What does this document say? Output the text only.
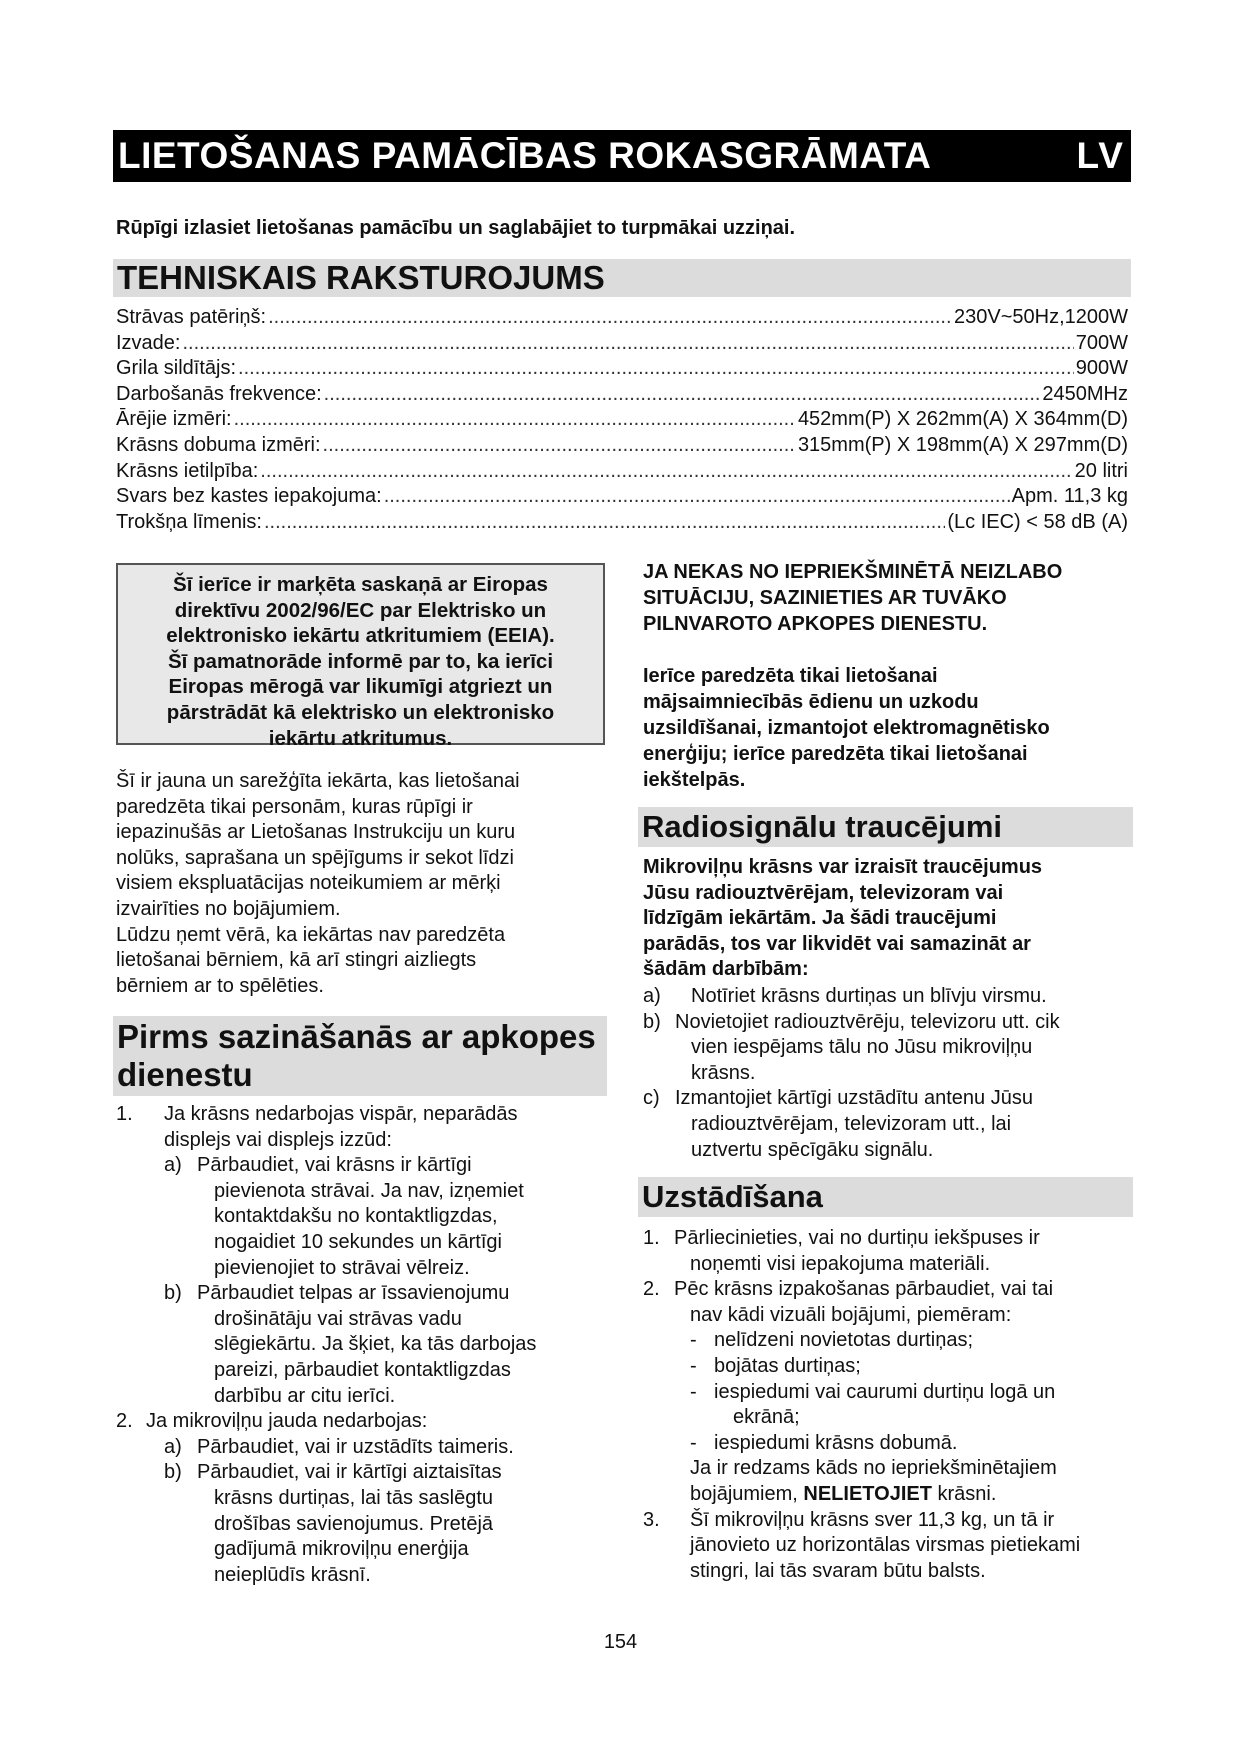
LIETOŠANAS PAMĀCĪBAS ROKASGRĀMATA	LV
Rūpīgi izlasiet lietošanas pamācību un saglabājiet to turpmākai uzziņai.
TEHNISKAIS RAKSTUROJUMS
Strāvas patēriņš: .....	230V~50Hz,1200W
Izvade: .....	700W
Grila sildītājs: .....	900W
Darbošanās frekvence: .....	2450MHz
Ārējie izmēri: .....	452mm(P) X 262mm(A) X 364mm(D)
Krāsns dobuma izmēri: .....	315mm(P) X 198mm(A) X 297mm(D)
Krāsns ietilpība: .....	20 litri
Svars bez kastes iepakojuma: .....	Apm. 11,3 kg
Trokšņa līmenis: .....	(Lc IEC) < 58 dB (A)
Šī ierīce ir marķēta saskaņā ar Eiropas
direktīvu 2002/96/EC par Elektrisko un
elektronisko iekārtu atkritumiem (EEIA).
Šī pamatnorāde informē par to, ka ierīci
Eiropas mērogā var likumīgi atgriezt un
pārstrādāt kā elektrisko un elektronisko
iekārtu atkritumus.
Šī ir jauna un sarežģīta iekārta, kas lietošanai
paredzēta tikai personām, kuras rūpīgi ir
iepazinušās ar Lietošanas Instrukciju un kuru
nolūks, saprašana un spējīgums ir sekot līdzi
visiem ekspluatācijas noteikumiem ar mērķi
izvairīties no bojājumiem.
Lūdzu ņemt vērā, ka iekārtas nav paredzēta
lietošanai bērniem, kā arī stingri aizliegts
bērniem ar to spēlēties.
Pirms sazināšanās ar apkopes
dienestu
1.	Ja krāsns nedarbojas vispār, neparādās
displejs vai displejs izzūd:
a) Pārbaudiet, vai krāsns ir kārtīgi
pievienota strāvai. Ja nav, izņemiet
kontaktdakšu no kontaktligzdas,
nogaidiet 10 sekundes un kārtīgi
pievienojiet to strāvai vēlreiz.
b) Pārbaudiet telpas ar īssavienojumu
drošinātāju vai strāvas vadu
slēgiekārtu. Ja šķiet, ka tās darbojas
pareizi, pārbaudiet kontaktligzdas
darbību ar citu ierīci.
2. Ja mikroviļņu jauda nedarbojas:
a) Pārbaudiet, vai ir uzstādīts taimeris.
b) Pārbaudiet, vai ir kārtīgi aiztaisītas
krāsns durtiņas, lai tās saslēgtu
drošības savienojumus. Pretējā
gadījumā mikroviļņu enerģija
neieplūdīs krāsnī.
JA NEKAS NO IEPRIEKŠMINĒTĀ NEIZLABO
SITUĀCIJU, SAZINIETIES AR TUVĀKO
PILNVAROTO APKOPES DIENESTU.
Ierīce paredzēta tikai lietošanai
mājsaimniecībās ēdienu un uzkodu
uzsildīšanai, izmantojot elektromagnētisko
enerģiju; ierīce paredzēta tikai lietošanai
iekštelpās.
Radiosignālu traucējumi
Mikroviļņu krāsns var izraisīt traucējumus
Jūsu radiouztvērējam, televizoram vai
līdzīgām iekārtām. Ja šādi traucējumi
parādās, tos var likvidēt vai samazināt ar
šādām darbībām:
a)	Notīriet krāsns durtiņas un blīvju virsmu.
b) Novietojiet radiouztvērēju, televizoru utt. cik
vien iespējams tālu no Jūsu mikroviļņu
krāsns.
c) Izmantojiet kārtīgi uzstādītu antenu Jūsu
radiouztvērējam, televizoram utt., lai
uztvertu spēcīgāku signālu.
Uzstādīšana
1. Pārliecinieties, vai no durtiņu iekšpuses ir
noņemti visi iepakojuma materiāli.
2. Pēc krāsns izpakošanas pārbaudiet, vai tai
nav kādi vizuāli bojājumi, piemēram:
- nelīdzeni novietotas durtiņas;
- bojātas durtiņas;
- iespiedumi vai caurumi durtiņu logā un
ekrānā;
- iespiedumi krāsns dobumā.
Ja ir redzams kāds no iepriekšminētajiem
bojājumiem, NELIETOJIET krāsni.
3.	Šī mikroviļņu krāsns sver 11,3 kg, un tā ir
jānovieto uz horizontālas virsmas pietiekami
stingri, lai tās svaram būtu balsts.
154
